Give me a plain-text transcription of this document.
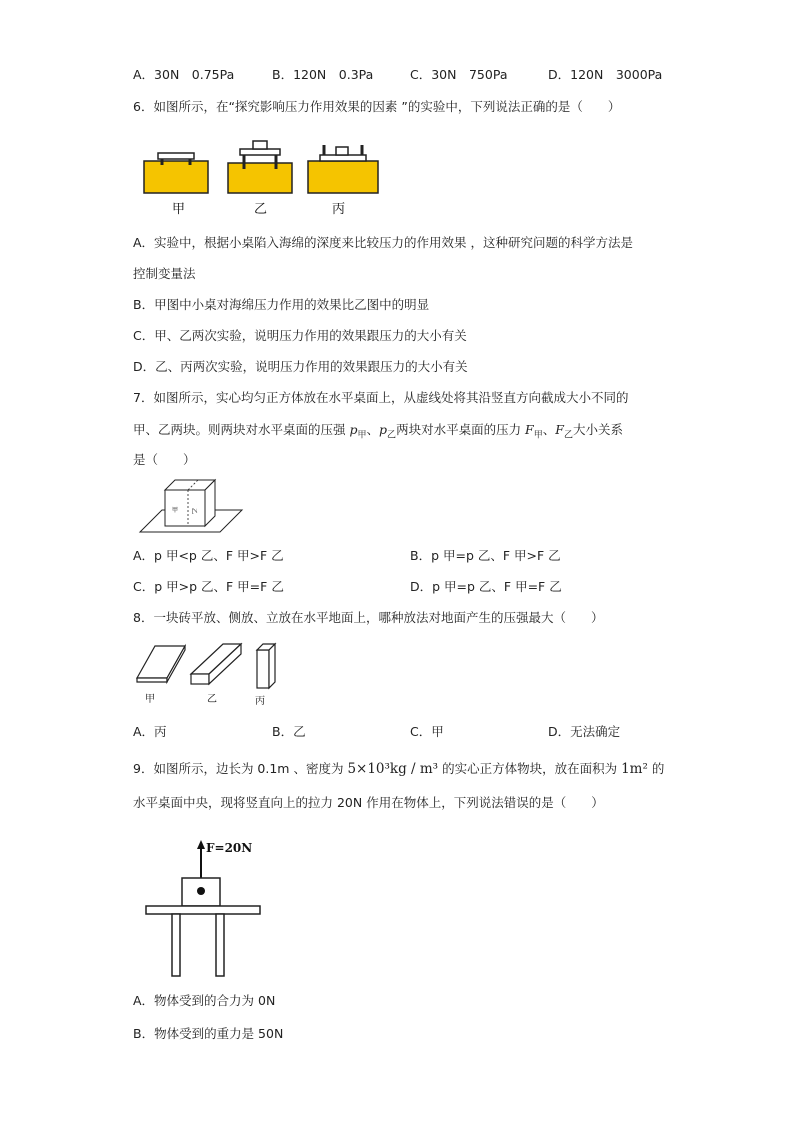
A．30N　0.75Pa	B．120N　0.3Pa	C．30N　750Pa	D．120N　3000Pa
6．如图所示，在“探究影响压力作用效果的因素 ”的实验中，下列说法正确的是（　　）
甲	乙	丙
A．实验中，根据小桌陷入海绵的深度来比较压力的作用效果 ，这种研究问题的科学方法是
控制变量法
B．甲图中小桌对海绵压力作用的效果比乙图中的明显
C．甲、乙两次实验，说明压力作用的效果跟压力的大小有关
D．乙、丙两次实验，说明压力作用的效果跟压力的大小有关
7．如图所示，实心均匀正方体放在水平桌面上，从虚线处将其沿竖直方向截成大小不同的
甲、乙两块。则两块对水平桌面的压强 $p_甲$、$p_乙$两块对水平桌面的压力 $F_甲$、$F_乙$大小关系
是（　　）
甲 乙
A．p 甲<p 乙、F 甲>F 乙	B．p 甲=p 乙、F 甲>F 乙
C．p 甲>p 乙、F 甲=F 乙	D．p 甲=p 乙、F 甲=F 乙
8．一块砖平放、侧放、立放在水平地面上，哪种放法对地面产生的压强最大（　　）
甲	乙	丙
A．丙	B．乙	C．甲	D．无法确定
9．如图所示，边长为 0.1m 、密度为 5×10³kg / m³ 的实心正方体物块，放在面积为 1m² 的
水平桌面中央，现将竖直向上的拉力 20N 作用在物体上，下列说法错误的是（　　）
F=20N
A．物体受到的合力为 0N
B．物体受到的重力是 50N
